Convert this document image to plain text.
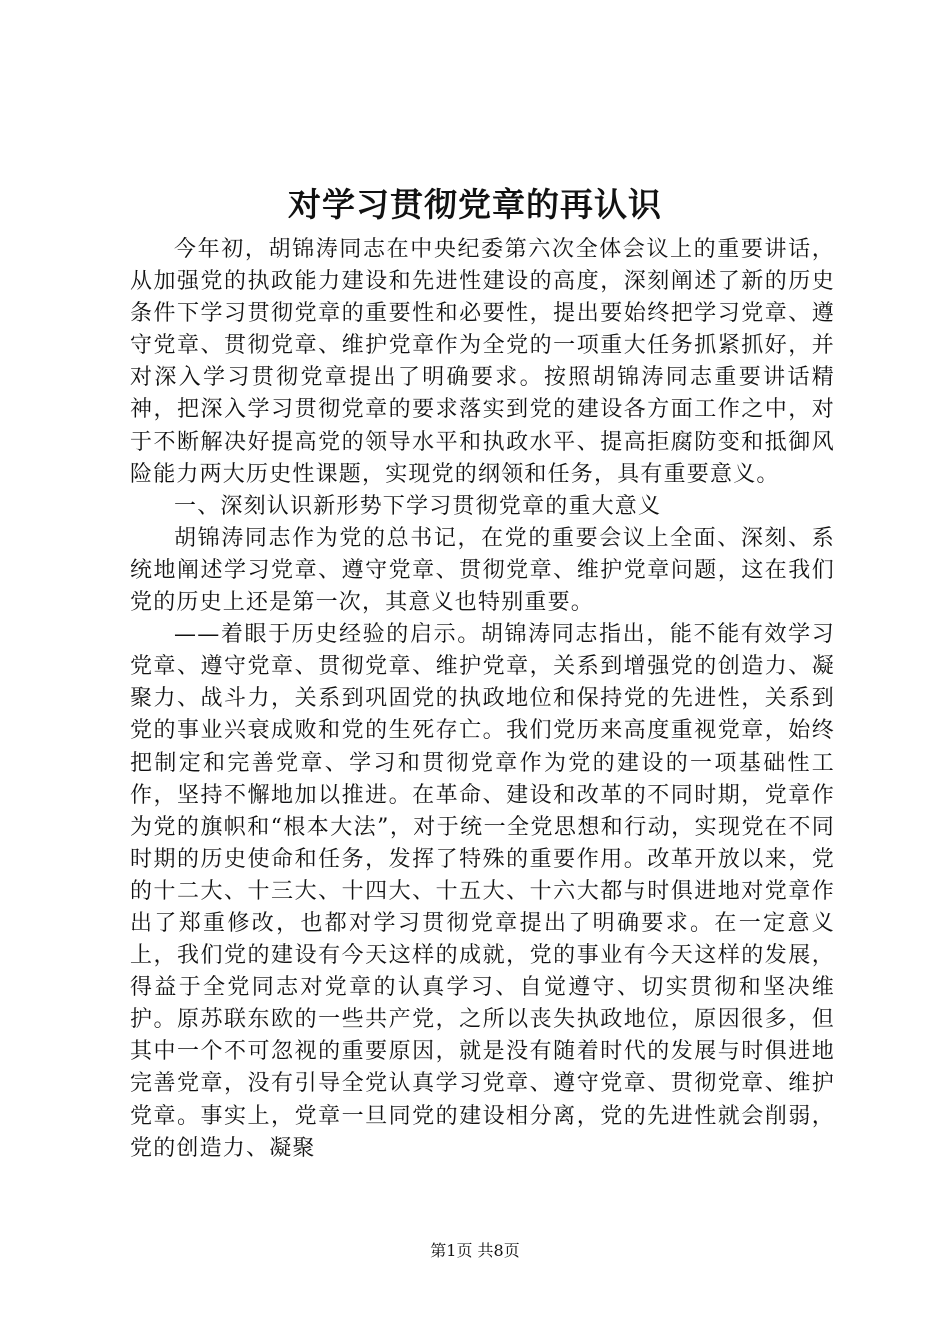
对学习贯彻党章的再认识

今年初，胡锦涛同志在中央纪委第六次全体会议上的重要讲话，从加强党的执政能力建设和先进性建设的高度，深刻阐述了新的历史条件下学习贯彻党章的重要性和必要性，提出要始终把学习党章、遵守党章、贯彻党章、维护党章作为全党的一项重大任务抓紧抓好，并对深入学习贯彻党章提出了明确要求。按照胡锦涛同志重要讲话精神，把深入学习贯彻党章的要求落实到党的建设各方面工作之中，对于不断解决好提高党的领导水平和执政水平、提高拒腐防变和抵御风险能力两大历史性课题，实现党的纲领和任务，具有重要意义。

一、深刻认识新形势下学习贯彻党章的重大意义

胡锦涛同志作为党的总书记，在党的重要会议上全面、深刻、系统地阐述学习党章、遵守党章、贯彻党章、维护党章问题，这在我们党的历史上还是第一次，其意义也特别重要。

——着眼于历史经验的启示。胡锦涛同志指出，能不能有效学习党章、遵守党章、贯彻党章、维护党章，关系到增强党的创造力、凝聚力、战斗力，关系到巩固党的执政地位和保持党的先进性，关系到党的事业兴衰成败和党的生死存亡。我们党历来高度重视党章，始终把制定和完善党章、学习和贯彻党章作为党的建设的一项基础性工作，坚持不懈地加以推进。在革命、建设和改革的不同时期，党章作为党的旗帜和“根本大法”，对于统一全党思想和行动，实现党在不同时期的历史使命和任务，发挥了特殊的重要作用。改革开放以来，党的十二大、十三大、十四大、十五大、十六大都与时俱进地对党章作出了郑重修改，也都对学习贯彻党章提出了明确要求。在一定意义上，我们党的建设有今天这样的成就，党的事业有今天这样的发展，得益于全党同志对党章的认真学习、自觉遵守、切实贯彻和坚决维护。原苏联东欧的一些共产党，之所以丧失执政地位，原因很多，但其中一个不可忽视的重要原因，就是没有随着时代的发展与时俱进地完善党章，没有引导全党认真学习党章、遵守党章、贯彻党章、维护党章。事实上，党章一旦同党的建设相分离，党的先进性就会削弱，党的创造力、凝聚

第1页 共8页
